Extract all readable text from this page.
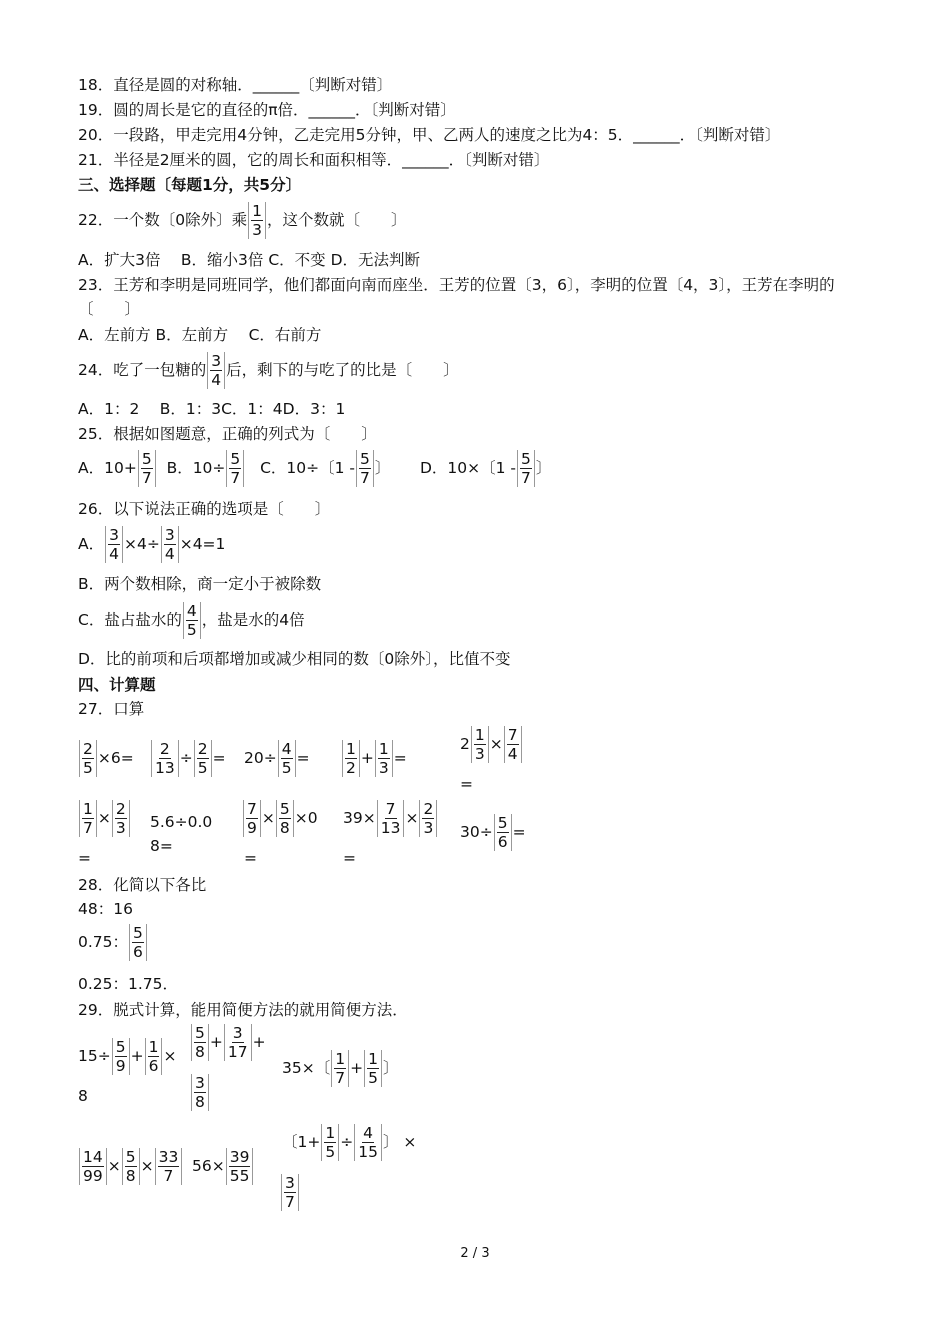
18．直径是圆的对称轴．______〔判断对错〕
19．圆的周长是它的直径的π倍．______．〔判断对错〕
20．一段路，甲走完用4分钟，乙走完用5分钟，甲、乙两人的速度之比为4：5．______．〔判断对错〕
21．半径是2厘米的圆，它的周长和面积相等．______．〔判断对错〕
三、选择题〔每题1分，共5分〕
22．一个数〔0除外〕乘 $\frac{1}{3}$ ，这个数就〔　　〕
A．扩大3倍　 B．缩小3倍 C．不变 D．无法判断
23．王芳和李明是同班同学，他们都面向南而座坐．王芳的位置〔3，6〕，李明的位置〔4，3〕，王芳在李明的
〔　　〕
A．左前方 B．左前方　 C．右前方
24．吃了一包糖的 $\frac{3}{4}$ 后，剩下的与吃了的比是〔　　〕
A．1：2　 B．1：3C．1：4D．3：1
25．根据如图题意，正确的列式为〔　　〕
A．$10+ \frac{5}{7}$ B．$10\div \frac{5}{7}$ C．10÷〔$1 - \frac{5}{7}$ 〕 D．10×〔$1 - \frac{5}{7}$ 〕
26．以下说法正确的选项是〔　　〕
A． $\frac{3}{4} \times 4\div \frac{3}{4} \times 4=1$
B．两个数相除，商一定小于被除数
C．盐占盐水的 $\frac{4}{5}$ ，盐是水的4倍
D．比的前项和后项都增加或减少相同的数〔0除外〕，比值不变
四、计算题
27．口算
$\frac{2}{5} \times 6= \frac{2}{13} \div \frac{2}{5} = 20\div \frac{4}{5} = \frac{1}{2} + \frac{1}{3}$ =
$2 \frac{1}{3} \times \frac{7}{4}$
=
$\frac{1}{7} \times \frac{2}{3}$
=
5.6÷0.0
8=
$\frac{7}{9} \times \frac{5}{8} \times 0$
=
$39\times \frac{7}{13} \times \frac{2}{3}$
=
$30\div \frac{5}{6}$ =
28．化简以下各比
48：16
0.75： $\frac{5}{6}$
0.25：1.75．
29．脱式计算，能用简便方法的就用简便方法．
$15\div \frac{5}{9} + \frac{1}{6}$ ×
8
$\frac{5}{8} + \frac{3}{17}$ +
$\frac{3}{8}$
35×〔 $\frac{1}{7} + \frac{1}{5}$ 〕
$\frac{14}{99} \times \frac{5}{8} \times \frac{33}{7} 56\times \frac{39}{55}$
〔$1+ \frac{1}{5} \div \frac{4}{15}$ 〕 ×
$\frac{3}{7}$
2 / 3
